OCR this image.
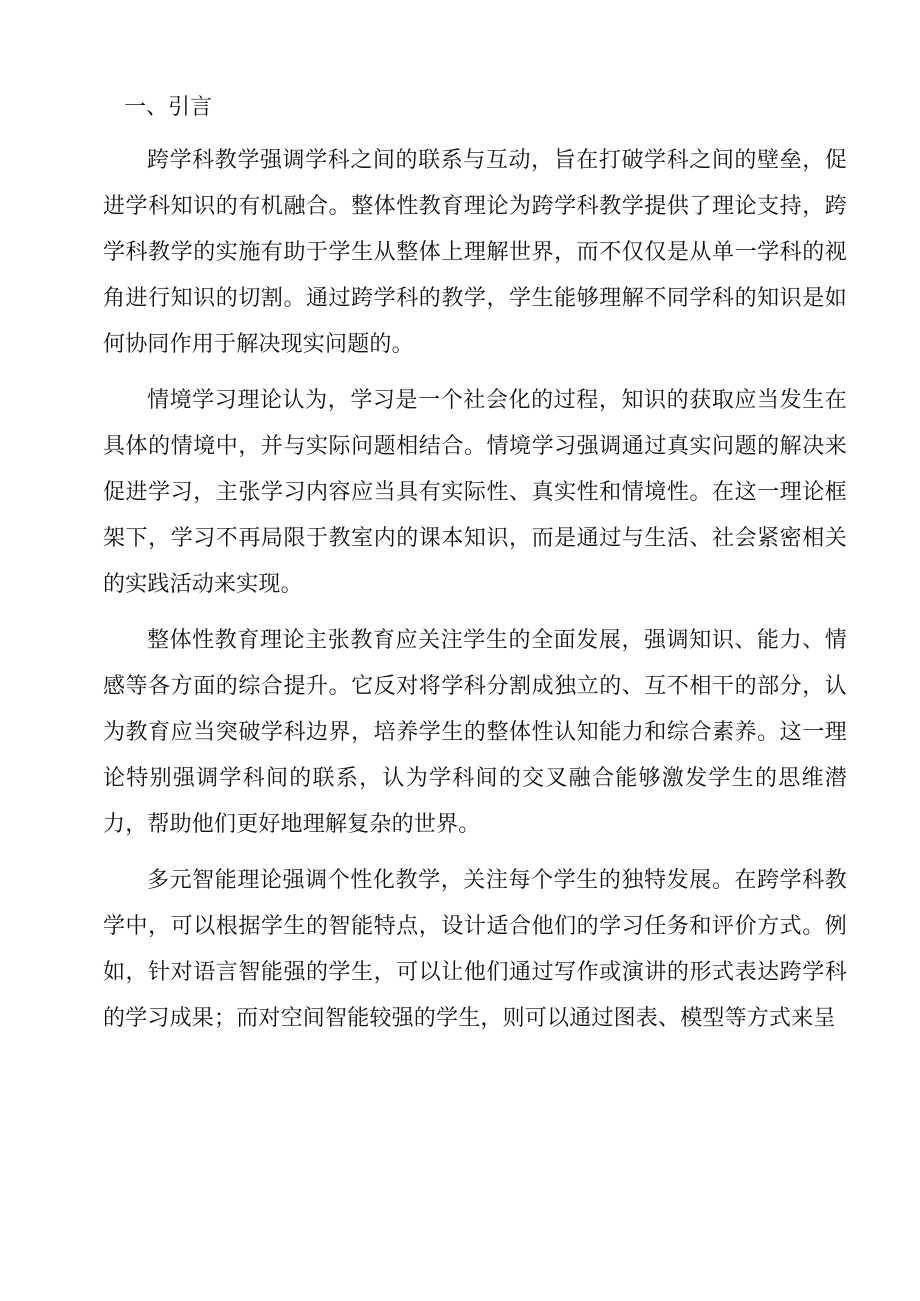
一、引言

跨学科教学强调学科之间的联系与互动，旨在打破学科之间的壁垒，促进学科知识的有机融合。整体性教育理论为跨学科教学提供了理论支持，跨学科教学的实施有助于学生从整体上理解世界，而不仅仅是从单一学科的视角进行知识的切割。通过跨学科的教学，学生能够理解不同学科的知识是如何协同作用于解决现实问题的。

情境学习理论认为，学习是一个社会化的过程，知识的获取应当发生在具体的情境中，并与实际问题相结合。情境学习强调通过真实问题的解决来促进学习，主张学习内容应当具有实际性、真实性和情境性。在这一理论框架下，学习不再局限于教室内的课本知识，而是通过与生活、社会紧密相关的实践活动来实现。

整体性教育理论主张教育应关注学生的全面发展，强调知识、能力、情感等各方面的综合提升。它反对将学科分割成独立的、互不相干的部分，认为教育应当突破学科边界，培养学生的整体性认知能力和综合素养。这一理论特别强调学科间的联系，认为学科间的交叉融合能够激发学生的思维潜力，帮助他们更好地理解复杂的世界。

多元智能理论强调个性化教学，关注每个学生的独特发展。在跨学科教学中，可以根据学生的智能特点，设计适合他们的学习任务和评价方式。例如，针对语言智能强的学生，可以让他们通过写作或演讲的形式表达跨学科的学习成果；而对空间智能较强的学生，则可以通过图表、模型等方式来呈
